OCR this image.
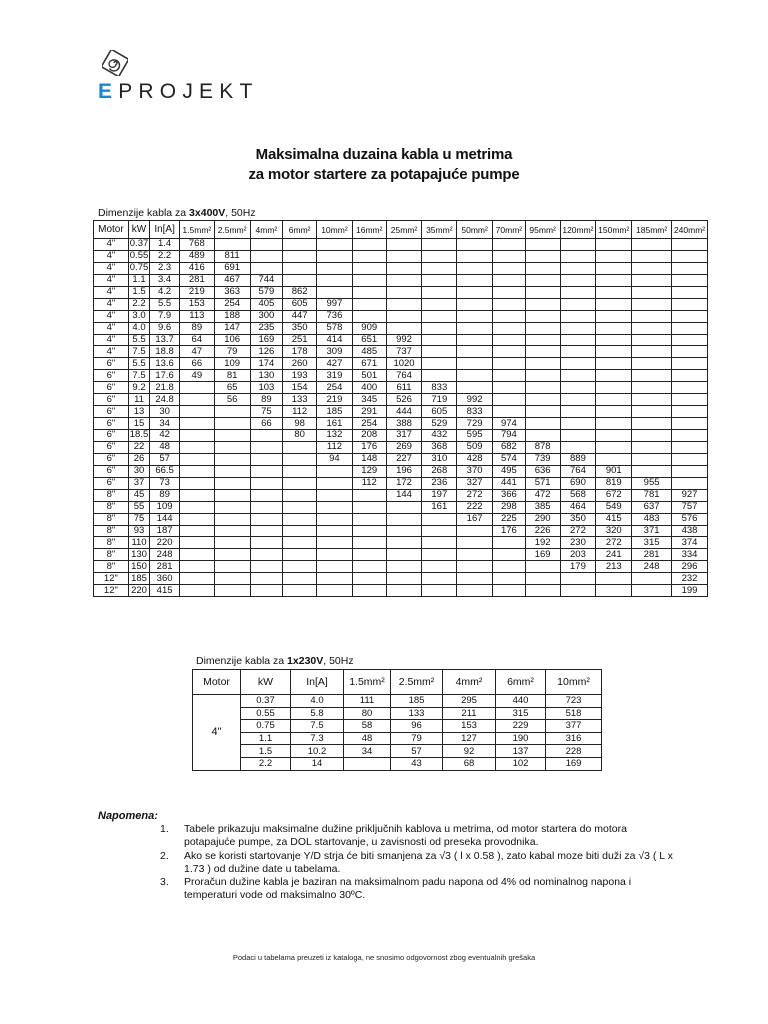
EPROJEKT
Maksimalna duzaina kabla u metrima
za motor startere za potapajuće pumpe
Dimenzije kabla za 3x400V, 50Hz
Motor	kW	In[A]	1.5mm²	2.5mm²	4mm²	6mm²	10mm²	16mm²	25mm²	35mm²	50mm²	70mm²	95mm²	120mm²	150mm²	185mm²	240mm²
4"	0.37	1.4	768														
4"	0.55	2.2	489	811													
4"	0.75	2.3	416	691													
4"	1.1	3.4	281	467	744												
4"	1.5	4.2	219	363	579	862											
4"	2.2	5.5	153	254	405	605	997										
4"	3.0	7.9	113	188	300	447	736										
4"	4.0	9.6	89	147	235	350	578	909									
4"	5.5	13.7	64	106	169	251	414	651	992								
4"	7.5	18.8	47	79	126	178	309	485	737								
6"	5.5	13.6	66	109	174	260	427	671	1020								
6"	7.5	17.6	49	81	130	193	319	501	764								
6"	9.2	21.8		65	103	154	254	400	611	833							
6"	11	24.8		56	89	133	219	345	526	719	992						
6"	13	30			75	112	185	291	444	605	833						
6"	15	34			66	98	161	254	388	529	729	974					
6"	18.5	42				80	132	208	317	432	595	794					
6"	22	48					112	176	269	368	509	682	878				
6"	26	57					94	148	227	310	428	574	739	889			
6"	30	66.5						129	196	268	370	495	636	764	901		
6"	37	73						112	172	236	327	441	571	690	819	955	
8"	45	89							144	197	272	366	472	568	672	781	927
8"	55	109								161	222	298	385	464	549	637	757
8"	75	144									167	225	290	350	415	483	576
8"	93	187										176	226	272	320	371	438
8"	110	220											192	230	272	315	374
8"	130	248											169	203	241	281	334
8"	150	281												179	213	248	296
12"	185	360															232
12"	220	415															199
Dimenzije kabla za 1x230V, 50Hz
Motor	kW	In[A]	1.5mm²	2.5mm²	4mm²	6mm²	10mm²
4"	0.37	4.0	111	185	295	440	723
	0.55	5.8	80	133	211	315	518
	0.75	7.5	58	96	153	229	377
	1.1	7.3	48	79	127	190	316
	1.5	10.2	34	57	92	137	228
	2.2	14		43	68	102	169
Napomena:
1. Tabele prikazuju maksimalne dužine priključnih kablova u metrima, od motor startera do motora potapajuće pumpe, za DOL startovanje, u zavisnosti od preseka provodnika.
2. Ako se koristi startovanje Y/D strja će biti smanjena za √3 ( l x 0.58 ), zato kabal moze biti duži za √3 ( L x 1.73 ) od dužine date u tabelama.
3. Proračun dužine kabla je baziran na maksimalnom padu napona od 4% od nominalnog napona i temperaturi vode od maksimalno 30ºC.
Podaci u tabelama preuzeti iz kataloga, ne snosimo odgovornost zbog eventualnih grešaka
